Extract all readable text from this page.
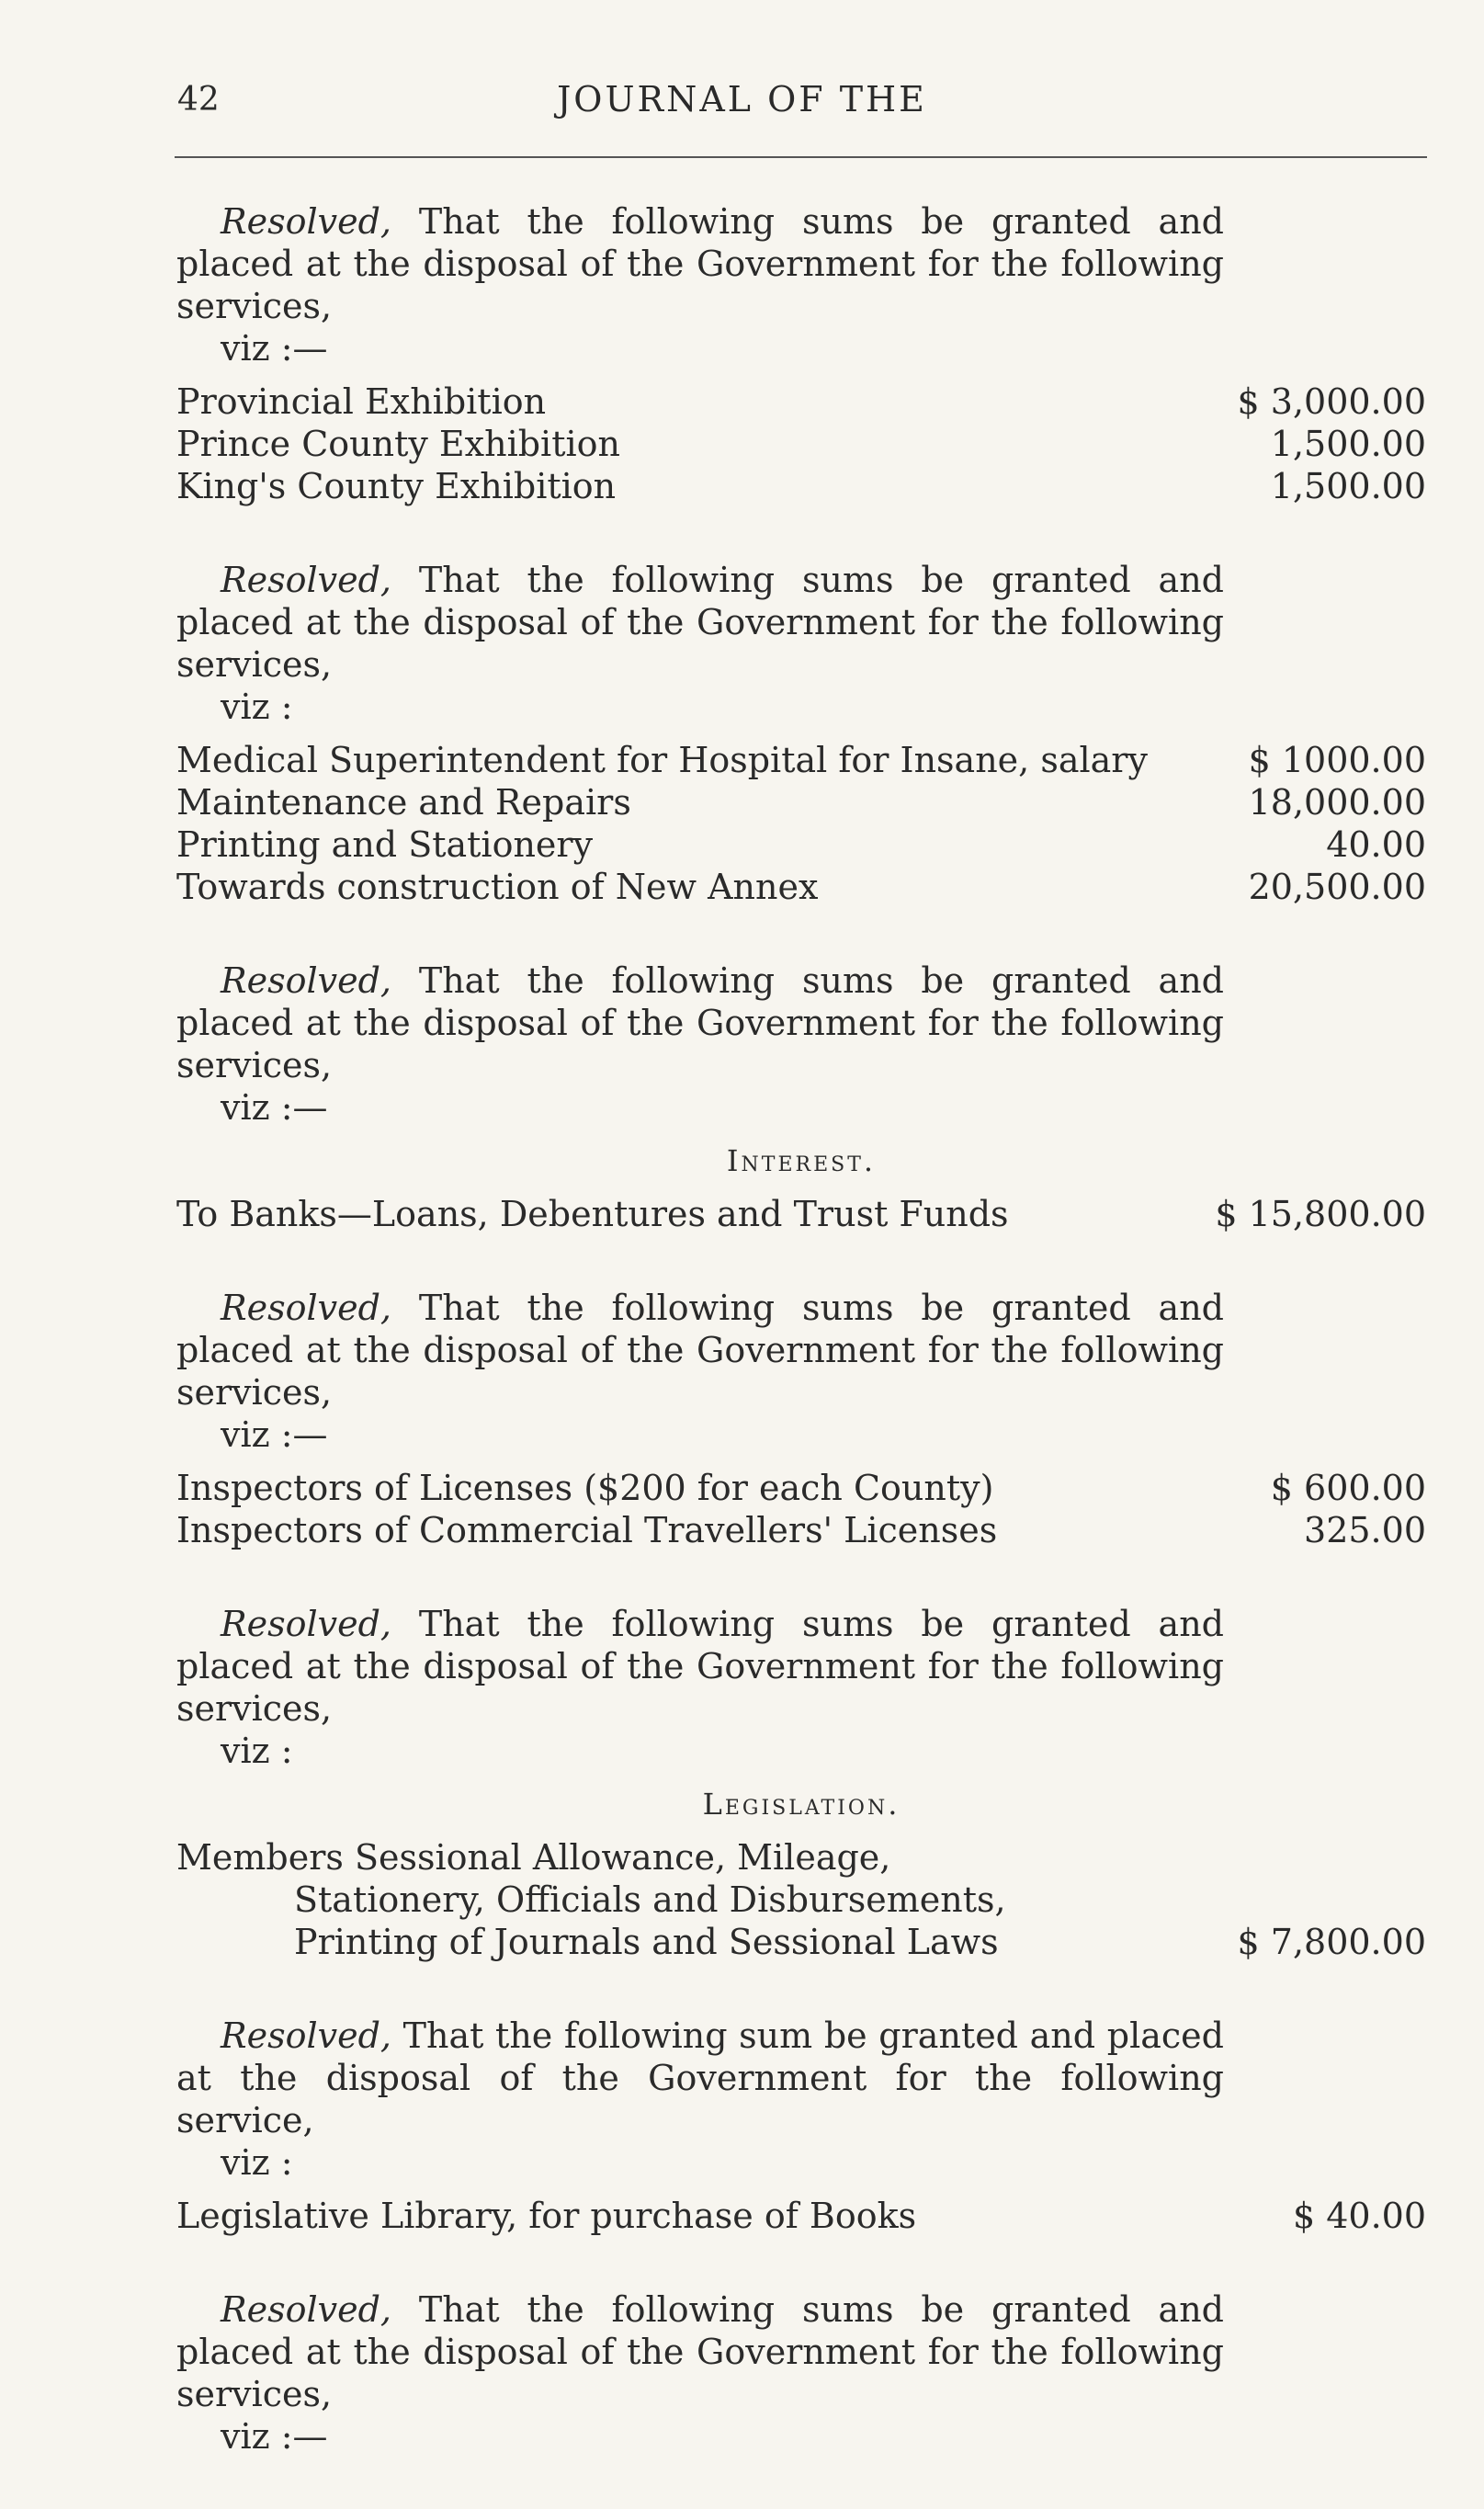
42	JOURNAL OF THE
Resolved, That the following sums be granted and placed at the disposal of the Government for the following services,
viz :—
Provincial Exhibition	$ 3,000.00
Prince County Exhibition	1,500.00
King's County Exhibition	1,500.00
Resolved, That the following sums be granted and placed at the disposal of the Government for the following services,
viz :
Medical Superintendent for Hospital for Insane, salary	$ 1000.00
Maintenance and Repairs	18,000.00
Printing and Stationery	40.00
Towards construction of New Annex	20,500.00
Resolved, That the following sums be granted and placed at the disposal of the Government for the following services,
viz :—
Interest.
To Banks—Loans, Debentures and Trust Funds	$ 15,800.00
Resolved, That the following sums be granted and placed at the disposal of the Government for the following services,
viz :—
Inspectors of Licenses ($200 for each County)	$ 600.00
Inspectors of Commercial Travellers' Licenses	325.00
Resolved, That the following sums be granted and placed at the disposal of the Government for the following services,
viz :
Legislation.
Members Sessional Allowance, Mileage, Stationery, Officials and Disbursements, Printing of Journals and Sessional Laws	$ 7,800.00
Resolved, That the following sum be granted and placed at the disposal of the Government for the following service,
viz :
Legislative Library, for purchase of Books	$ 40.00
Resolved, That the following sums be granted and placed at the disposal of the Government for the following services,
viz :—
